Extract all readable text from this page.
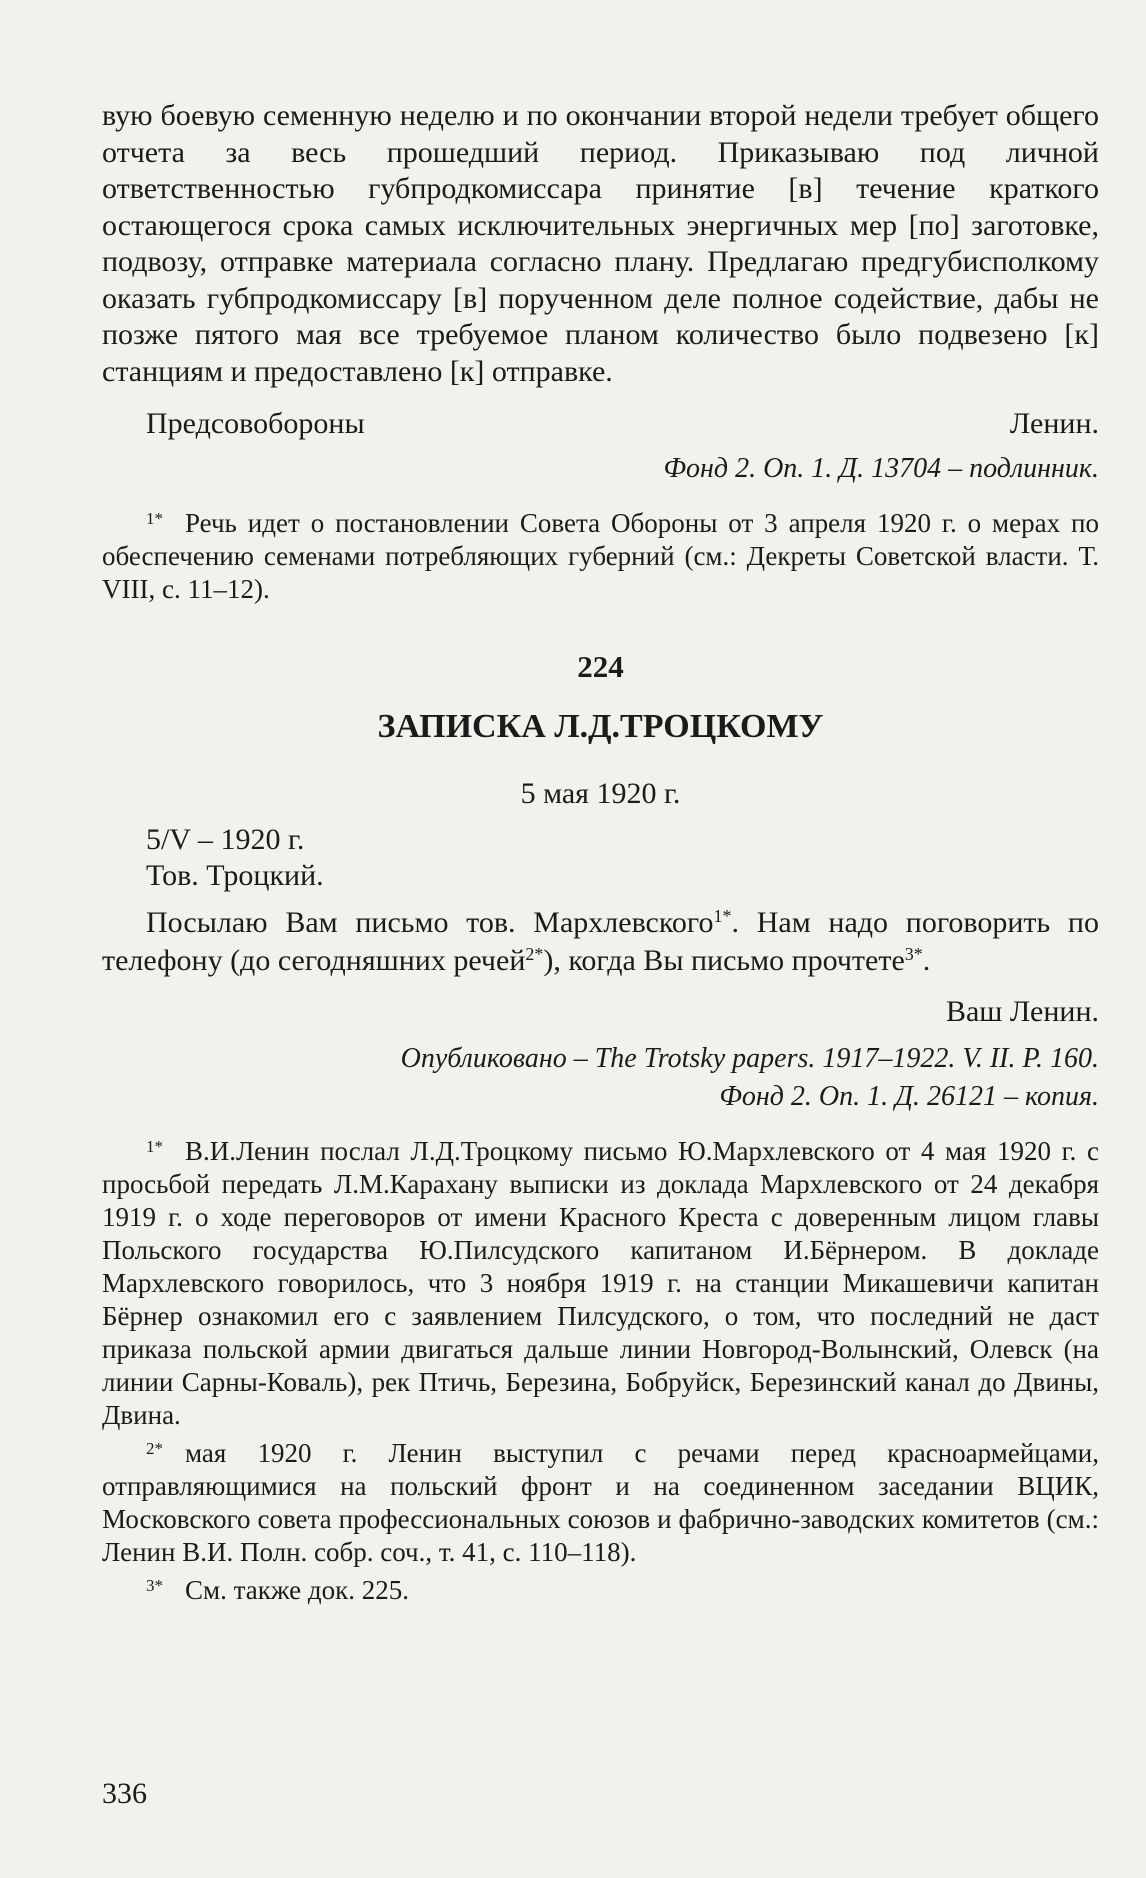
вую боевую семенную неделю и по окончании второй недели требует общего отчета за весь прошедший период. Приказываю под личной ответственностью губпродкомиссара принятие [в] течение краткого остающегося срока самых исключительных энергичных мер [по] заготовке, подвозу, отправке материала согласно плану. Предлагаю предгубисполкому оказать губпродкомиссару [в] порученном деле полное содействие, дабы не позже пятого мая все требуемое планом количество было подвезено [к] станциям и предоставлено [к] отправке.

Предсовобороны	Ленин.

Фонд 2. Оп. 1. Д. 13704 – подлинник.

$^{1*}$ Речь идет о постановлении Совета Обороны от 3 апреля 1920 г. о мерах по обеспечению семенами потребляющих губерний (см.: Декреты Советской власти. Т. VIII, с. 11–12).

224

ЗАПИСКА Л.Д.ТРОЦКОМУ

5 мая 1920 г.

5/V – 1920 г.

Тов. Троцкий.

Посылаю Вам письмо тов. Мархлевского$^{1*}$. Нам надо поговорить по телефону (до сегодняшних речей$^{2*}$), когда Вы письмо прочтете$^{3*}$.

Ваш Ленин.

Опубликовано – The Trotsky papers. 1917–1922. V. II. P. 160.

Фонд 2. Оп. 1. Д. 26121 – копия.

$^{1*}$ В.И.Ленин послал Л.Д.Троцкому письмо Ю.Мархлевского от 4 мая 1920 г. с просьбой передать Л.М.Карахану выписки из доклада Мархлевского от 24 декабря 1919 г. о ходе переговоров от имени Красного Креста с доверенным лицом главы Польского государства Ю.Пилсудского капитаном И.Бёрнером. В докладе Мархлевского говорилось, что 3 ноября 1919 г. на станции Микашевичи капитан Бёрнер ознакомил его с заявлением Пилсудского, о том, что последний не даст приказа польской армии двигаться дальше линии Новгород-Волынский, Олевск (на линии Сарны-Коваль), рек Птичь, Березина, Бобруйск, Березинский канал до Двины, Двина.

$^{2*}$ мая 1920 г. Ленин выступил с речами перед красноармейцами, отправляющимися на польский фронт и на соединенном заседании ВЦИК, Московского совета профессиональных союзов и фабрично-заводских комитетов (см.: Ленин В.И. Полн. собр. соч., т. 41, с. 110–118).

$^{3*}$ См. также док. 225.

336
